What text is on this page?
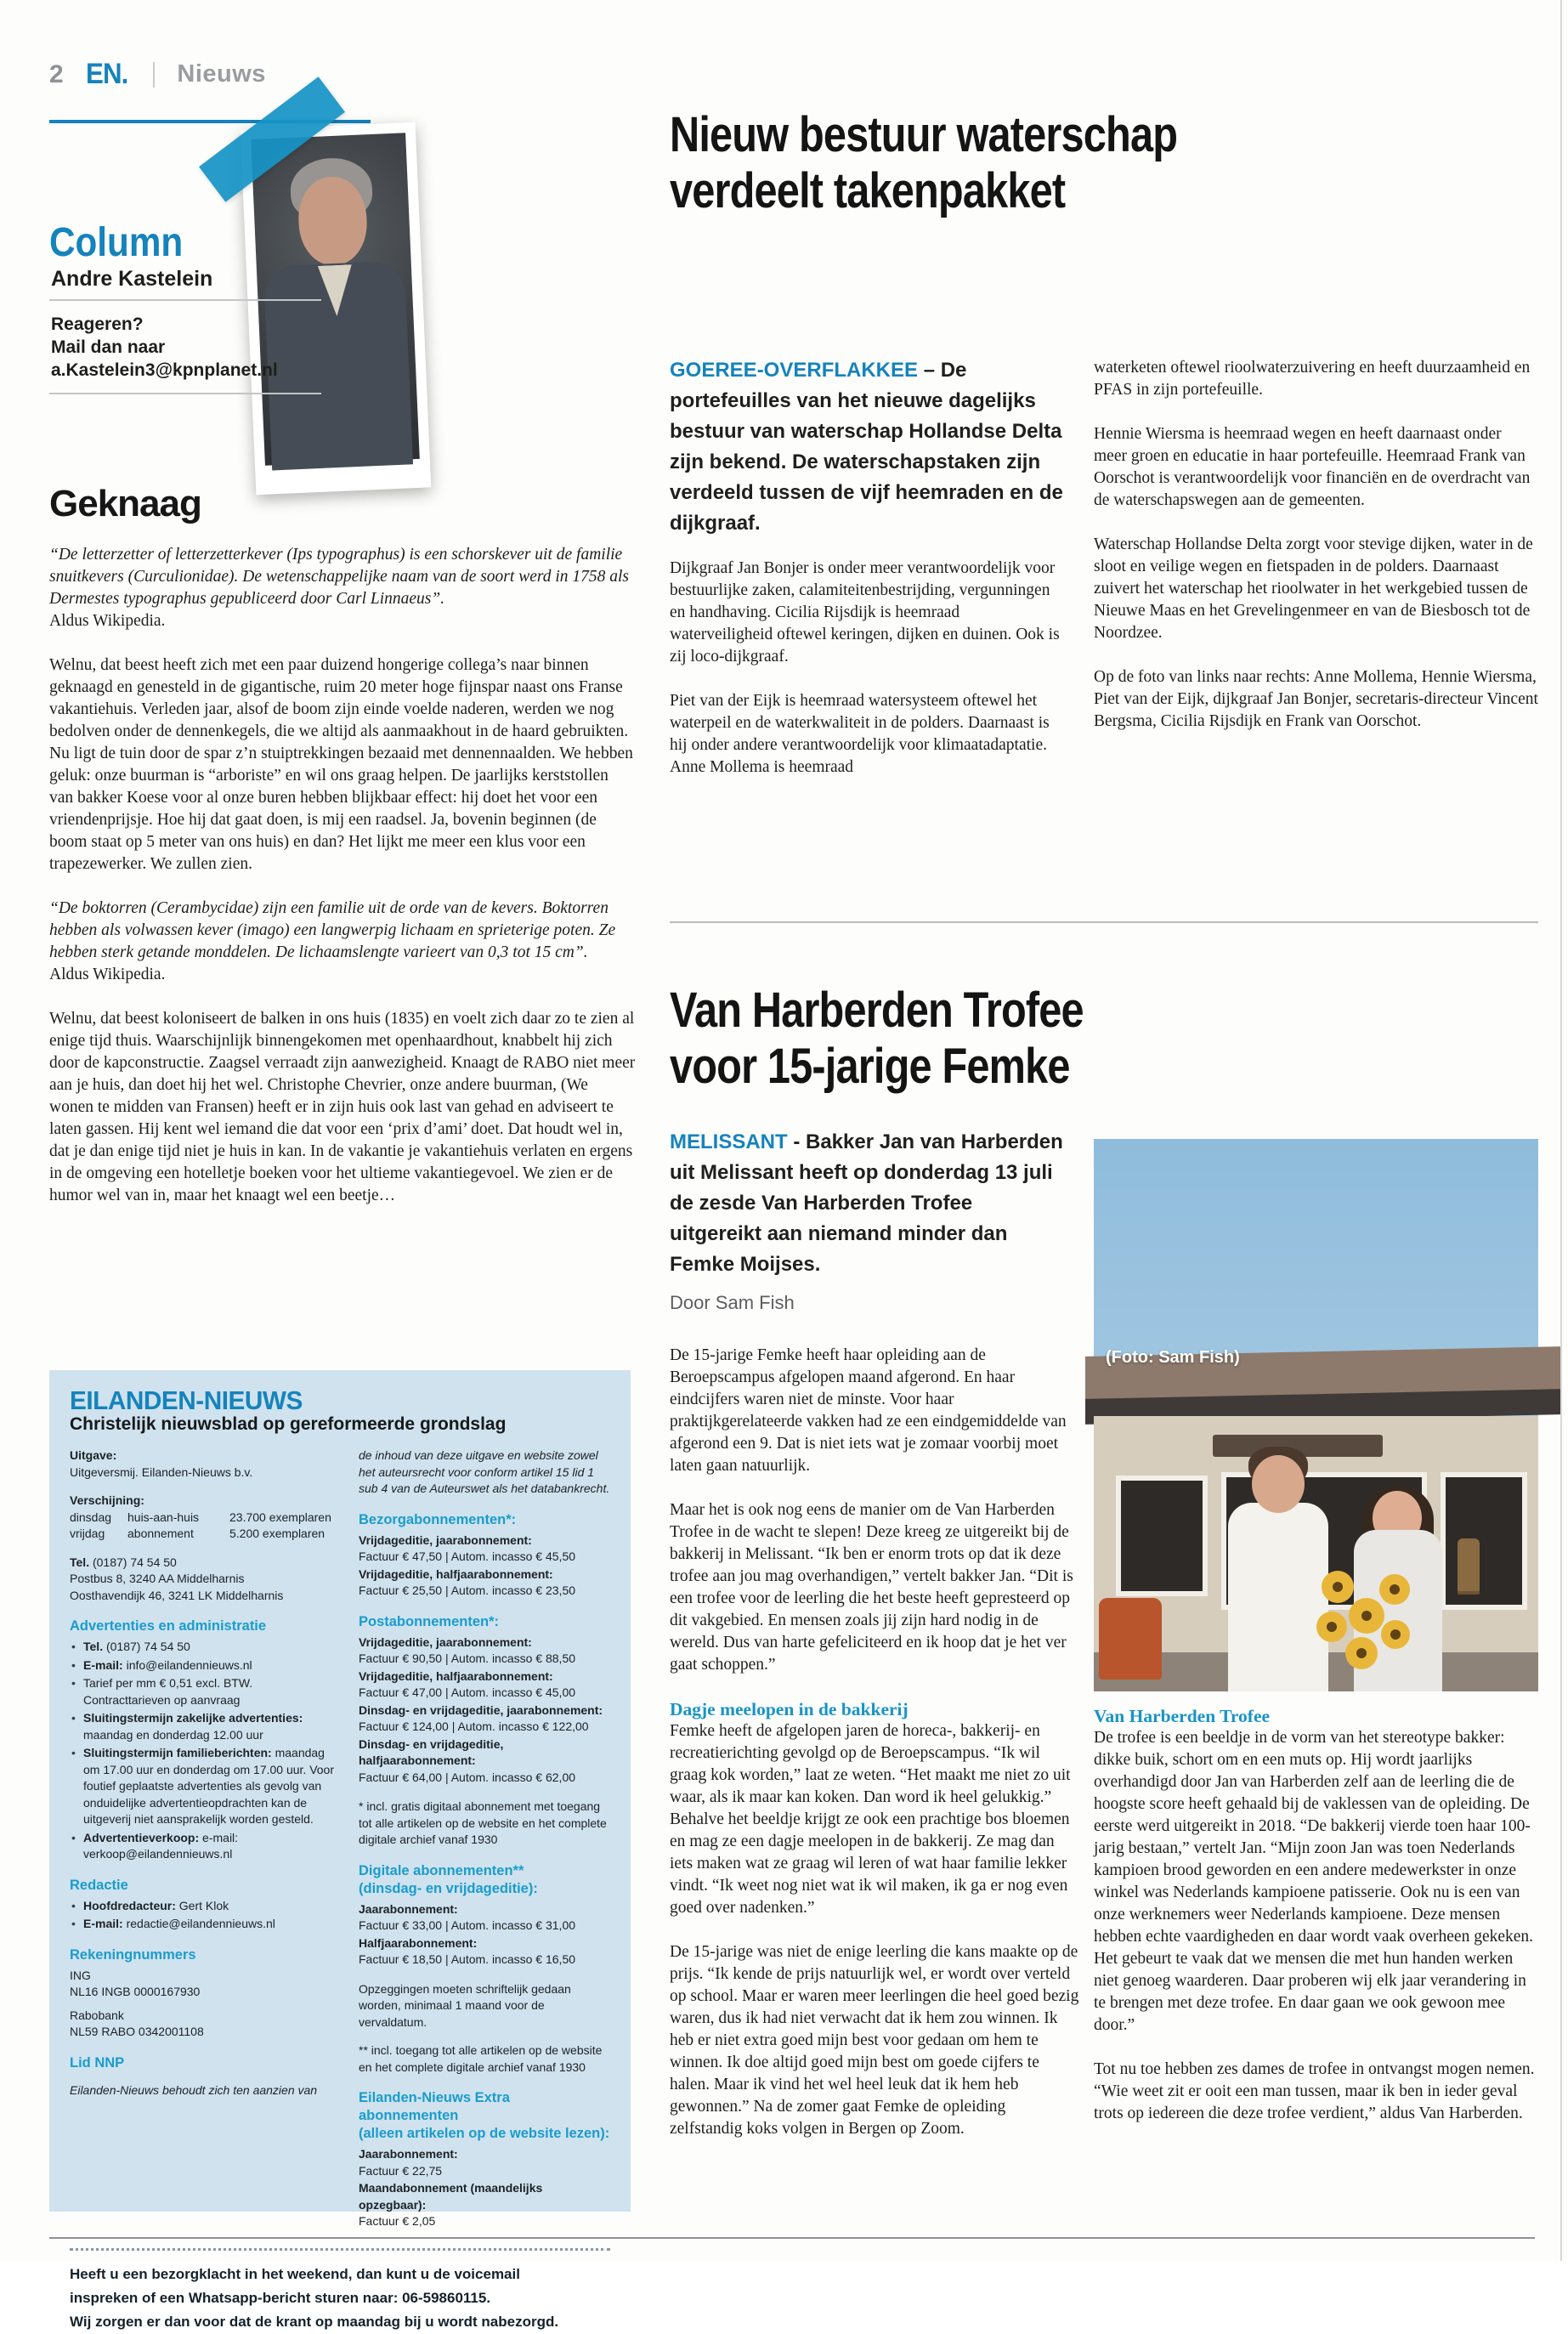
2 EN. Nieuws
Column
Andre Kastelein
Reageren?
Mail dan naar
a.Kastelein3@kpnplanet.nl
Geknaag

“De letterzetter of letterzetterkever (Ips typographus) is een schorskever uit de familie snuitkevers (Curculionidae). De wetenschappelijke naam van de soort werd in 1758 als Dermestes typographus gepubliceerd door Carl Linnaeus”.

Aldus Wikipedia.

Welnu, dat beest heeft zich met een paar duizend hongerige collega’s naar binnen geknaagd en genesteld in de gigantische, ruim 20 meter hoge fijnspar naast ons Franse vakantiehuis. Verleden jaar, alsof de boom zijn einde voelde naderen, werden we nog bedolven onder de dennenkegels, die we altijd als aanmaakhout in de haard gebruikten. Nu ligt de tuin door de spar z’n stuiptrekkingen bezaaid met dennennaalden. We hebben geluk: onze buurman is “arboriste” en wil ons graag helpen. De jaarlijks kerststollen van bakker Koese voor al onze buren hebben blijkbaar effect: hij doet het voor een vriendenprijsje. Hoe hij dat gaat doen, is mij een raadsel. Ja, bovenin beginnen (de boom staat op 5 meter van ons huis) en dan? Het lijkt me meer een klus voor een trapezewerker. We zullen zien.

“De boktorren (Cerambycidae) zijn een familie uit de orde van de kevers. Boktorren hebben als volwassen kever (imago) een langwerpig lichaam en sprieterige poten. Ze hebben sterk getande monddelen. De lichaamslengte varieert van 0,3 tot 15 cm”.

Aldus Wikipedia.

Welnu, dat beest koloniseert de balken in ons huis (1835) en voelt zich daar zo te zien al enige tijd thuis. Waarschijnlijk binnengekomen met openhaardhout, knabbelt hij zich door de kapconstructie. Zaagsel verraadt zijn aanwezigheid. Knaagt de RABO niet meer aan je huis, dan doet hij het wel. Christophe Chevrier, onze andere buurman, (We wonen te midden van Fransen) heeft er in zijn huis ook last van gehad en adviseert te laten gassen. Hij kent wel iemand die dat voor een ‘prix d’ami’ doet. Dat houdt wel in, dat je dan enige tijd niet je huis in kan. In de vakantie je vakantiehuis verlaten en ergens in de omgeving een hotelletje boeken voor het ultieme vakantiegevoel. We zien er de humor wel van in, maar het knaagt wel een beetje…

EILANDEN-NIEUWS
Christelijk nieuwsblad op gereformeerde grondslag
Uitgave:
Uitgeversmij. Eilanden-Nieuws b.v.
Verschijning:
dinsdag	huis-aan-huis	23.700 exemplaren
vrijdag	abonnement	5.200 exemplaren
Tel. (0187) 74 54 50
Postbus 8, 3240 AA Middelharnis
Oosthavendijk 46, 3241 LK Middelharnis
Advertenties en administratie
• Tel. (0187) 74 54 50
• E-mail: info@eilandennieuws.nl
• Tarief per mm € 0,51 excl. BTW. Contracttarieven op aanvraag
• Sluitingstermijn zakelijke advertenties: maandag en donderdag 12.00 uur
• Sluitingstermijn familieberichten: maandag om 17.00 uur en donderdag om 17.00 uur. Voor foutief geplaatste advertenties als gevolg van onduidelijke advertentieopdrachten kan de uitgeverij niet aansprakelijk worden gesteld.
• Advertentieverkoop: e-mail: verkoop@eilandennieuws.nl
Redactie
• Hoofdredacteur: Gert Klok
• E-mail: redactie@eilandennieuws.nl
Rekeningnummers
ING
NL16 INGB 0000167930
Rabobank
NL59 RABO 0342001108
Lid NNP
Eilanden-Nieuws behoudt zich ten aanzien van
de inhoud van deze uitgave en website zowel het auteursrecht voor conform artikel 15 lid 1 sub 4 van de Auteurswet als het databankrecht.
Bezorgabonnementen*:
Vrijdageditie, jaarabonnement:
Factuur € 47,50 | Autom. incasso € 45,50
Vrijdageditie, halfjaarabonnement:
Factuur € 25,50 | Autom. incasso € 23,50
Postabonnementen*:
Vrijdageditie, jaarabonnement:
Factuur € 90,50 | Autom. incasso € 88,50
Vrijdageditie, halfjaarabonnement:
Factuur € 47,00 | Autom. incasso € 45,00
Dinsdag- en vrijdageditie, jaarabonnement:
Factuur € 124,00 | Autom. incasso € 122,00
Dinsdag- en vrijdageditie, halfjaarabonnement:
Factuur € 64,00 | Autom. incasso € 62,00
* incl. gratis digitaal abonnement met toegang tot alle artikelen op de website en het complete digitale archief vanaf 1930
Digitale abonnementen**
(dinsdag- en vrijdageditie):
Jaarabonnement:
Factuur € 33,00 | Autom. incasso € 31,00
Halfjaarabonnement:
Factuur € 18,50 | Autom. incasso € 16,50
Opzeggingen moeten schriftelijk gedaan worden, minimaal 1 maand voor de vervaldatum.
** incl. toegang tot alle artikelen op de website en het complete digitale archief vanaf 1930
Eilanden-Nieuws Extra abonnementen
(alleen artikelen op de website lezen):
Jaarabonnement:
Factuur € 22,75
Maandabonnement (maandelijks opzegbaar):
Factuur € 2,05
Heeft u een bezorgklacht in het weekend, dan kunt u de voicemail
inspreken of een Whatsapp-bericht sturen naar: 06-59860115.
Wij zorgen er dan voor dat de krant op maandag bij u wordt nabezorgd.
Nieuw bestuur waterschap
verdeelt takenpakket
GOEREE-OVERFLAKKEE – De portefeuilles van het nieuwe dagelijks bestuur van waterschap Hollandse Delta zijn bekend. De waterschapstaken zijn verdeeld tussen de vijf heemraden en de dijkgraaf.

Dijkgraaf Jan Bonjer is onder meer verantwoordelijk voor bestuurlijke zaken, calamiteitenbestrijding, vergunningen en handhaving. Cicilia Rijsdijk is heemraad waterveiligheid oftewel keringen, dijken en duinen. Ook is zij loco-dijkgraaf.

Piet van der Eijk is heemraad watersysteem oftewel het waterpeil en de waterkwaliteit in de polders. Daarnaast is hij onder andere verantwoordelijk voor klimaatadaptatie. Anne Mollema is heemraad

waterketen oftewel rioolwaterzuivering en heeft duurzaamheid en PFAS in zijn portefeuille.

Hennie Wiersma is heemraad wegen en heeft daarnaast onder meer groen en educatie in haar portefeuille. Heemraad Frank van Oorschot is verantwoordelijk voor financiën en de overdracht van de waterschapswegen aan de gemeenten.

Waterschap Hollandse Delta zorgt voor stevige dijken, water in de sloot en veilige wegen en fietspaden in de polders. Daarnaast zuivert het waterschap het rioolwater in het werkgebied tussen de Nieuwe Maas en het Grevelingenmeer en van de Biesbosch tot de Noordzee.

Op de foto van links naar rechts: Anne Mollema, Hennie Wiersma, Piet van der Eijk, dijkgraaf Jan Bonjer, secretaris-directeur Vincent Bergsma, Cicilia Rijsdijk en Frank van Oorschot.

Van Harberden Trofee
voor 15-jarige Femke
MELISSANT - Bakker Jan van Harberden uit Melissant heeft op donderdag 13 juli de zesde Van Harberden Trofee uitgereikt aan niemand minder dan Femke Moijses.
Door Sam Fish

De 15-jarige Femke heeft haar opleiding aan de Beroepscampus afgelopen maand afgerond. En haar eindcijfers waren niet de minste. Voor haar praktijkgerelateerde vakken had ze een eindgemiddelde van afgerond een 9. Dat is niet iets wat je zomaar voorbij moet laten gaan natuurlijk.

Maar het is ook nog eens de manier om de Van Harberden Trofee in de wacht te slepen! Deze kreeg ze uitgereikt bij de bakkerij in Melissant. “Ik ben er enorm trots op dat ik deze trofee aan jou mag overhandigen,” vertelt bakker Jan. “Dit is een trofee voor de leerling die het beste heeft gepresteerd op dit vakgebied. En mensen zoals jij zijn hard nodig in de wereld. Dus van harte gefeliciteerd en ik hoop dat je het ver gaat schoppen.”

Dagje meelopen in de bakkerij

Femke heeft de afgelopen jaren de horeca-, bakkerij- en recreatierichting gevolgd op de Beroepscampus. “Ik wil graag kok worden,” laat ze weten. “Het maakt me niet zo uit waar, als ik maar kan koken. Dan word ik heel gelukkig.” Behalve het beeldje krijgt ze ook een prachtige bos bloemen en mag ze een dagje meelopen in de bakkerij. Ze mag dan iets maken wat ze graag wil leren of wat haar familie lekker vindt. “Ik weet nog niet wat ik wil maken, ik ga er nog even goed over nadenken.”

De 15-jarige was niet de enige leerling die kans maakte op de prijs. “Ik kende de prijs natuurlijk wel, er wordt over verteld op school. Maar er waren meer leerlingen die heel goed bezig waren, dus ik had niet verwacht dat ik hem zou winnen. Ik heb er niet extra goed mijn best voor gedaan om hem te winnen. Ik doe altijd goed mijn best om goede cijfers te halen. Maar ik vind het wel heel leuk dat ik hem heb gewonnen.” Na de zomer gaat Femke de opleiding zelfstandig koks volgen in Bergen op Zoom.

(Foto: Sam Fish)
Van Harberden Trofee

De trofee is een beeldje in de vorm van het stereotype bakker: dikke buik, schort om en een muts op. Hij wordt jaarlijks overhandigd door Jan van Harberden zelf aan de leerling die de hoogste score heeft gehaald bij de vaklessen van de opleiding. De eerste werd uitgereikt in 2018. “De bakkerij vierde toen haar 100-jarig bestaan,” vertelt Jan. “Mijn zoon Jan was toen Nederlands kampioen brood geworden en een andere medewerkster in onze winkel was Nederlands kampioene patisserie. Ook nu is een van onze werknemers weer Nederlands kampioene. Deze mensen hebben echte vaardigheden en daar wordt vaak overheen gekeken. Het gebeurt te vaak dat we mensen die met hun handen werken niet genoeg waarderen. Daar proberen wij elk jaar verandering in te brengen met deze trofee. En daar gaan we ook gewoon mee door.”

Tot nu toe hebben zes dames de trofee in ontvangst mogen nemen. “Wie weet zit er ooit een man tussen, maar ik ben in ieder geval trots op iedereen die deze trofee verdient,” aldus Van Harberden.
